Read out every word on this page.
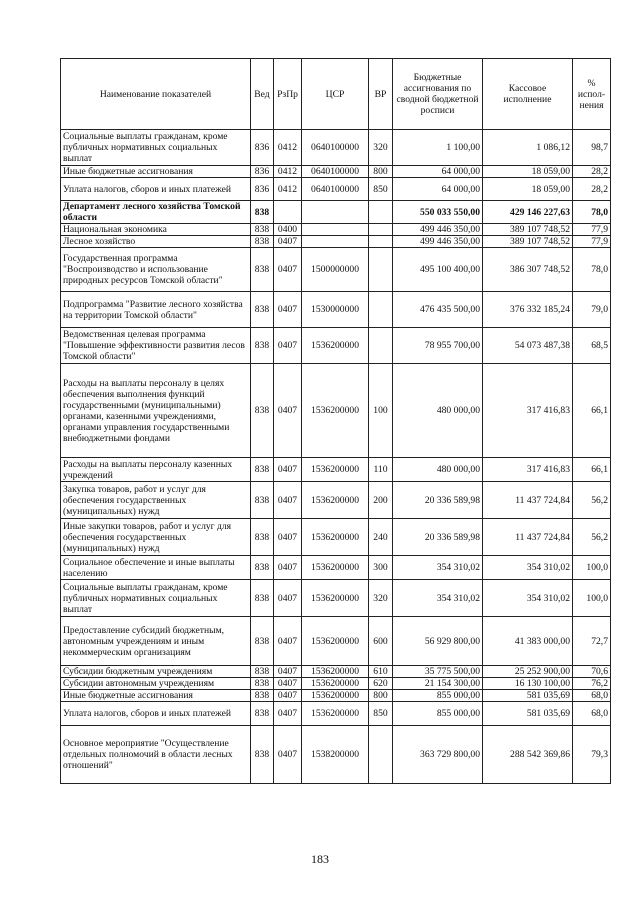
Наименование показателей	Вед	РзПр	ЦСР	ВР	Бюджетные ассигнования по сводной бюджетной росписи	Кассовое исполнение	% испол- нения
Социальные выплаты гражданам, кроме публичных нормативных социальных выплат	836	0412	0640100000	320	1 100,00	1 086,12	98,7
Иные бюджетные ассигнования	836	0412	0640100000	800	64 000,00	18 059,00	28,2
Уплата налогов, сборов и иных платежей	836	0412	0640100000	850	64 000,00	18 059,00	28,2
Департамент лесного хозяйства Томской области	838				550 033 550,00	429 146 227,63	78,0
Национальная экономика	838	0400			499 446 350,00	389 107 748,52	77,9
Лесное хозяйство	838	0407			499 446 350,00	389 107 748,52	77,9
Государственная программа "Воспроизводство и использование природных ресурсов Томской области"	838	0407	1500000000		495 100 400,00	386 307 748,52	78,0
Подпрограмма "Развитие лесного хозяйства на территории Томской области"	838	0407	1530000000		476 435 500,00	376 332 185,24	79,0
Ведомственная целевая программа "Повышение эффективности развития лесов Томской области"	838	0407	1536200000		78 955 700,00	54 073 487,38	68,5
Расходы на выплаты персоналу в целях обеспечения выполнения функций государственными (муниципальными) органами, казенными учреждениями, органами управления государственными внебюджетными фондами	838	0407	1536200000	100	480 000,00	317 416,83	66,1
Расходы на выплаты персоналу казенных учреждений	838	0407	1536200000	110	480 000,00	317 416,83	66,1
Закупка товаров, работ и услуг для обеспечения государственных (муниципальных) нужд	838	0407	1536200000	200	20 336 589,98	11 437 724,84	56,2
Иные закупки товаров, работ и услуг для обеспечения государственных (муниципальных) нужд	838	0407	1536200000	240	20 336 589,98	11 437 724,84	56,2
Социальное обеспечение и иные выплаты населению	838	0407	1536200000	300	354 310,02	354 310,02	100,0
Социальные выплаты гражданам, кроме публичных нормативных социальных выплат	838	0407	1536200000	320	354 310,02	354 310,02	100,0
Предоставление субсидий бюджетным, автономным учреждениям и иным некоммерческим организациям	838	0407	1536200000	600	56 929 800,00	41 383 000,00	72,7
Субсидии бюджетным учреждениям	838	0407	1536200000	610	35 775 500,00	25 252 900,00	70,6
Субсидии автономным учреждениям	838	0407	1536200000	620	21 154 300,00	16 130 100,00	76,2
Иные бюджетные ассигнования	838	0407	1536200000	800	855 000,00	581 035,69	68,0
Уплата налогов, сборов и иных платежей	838	0407	1536200000	850	855 000,00	581 035,69	68,0
Основное мероприятие "Осуществление отдельных полномочий в области лесных отношений"	838	0407	1538200000		363 729 800,00	288 542 369,86	79,3
183
